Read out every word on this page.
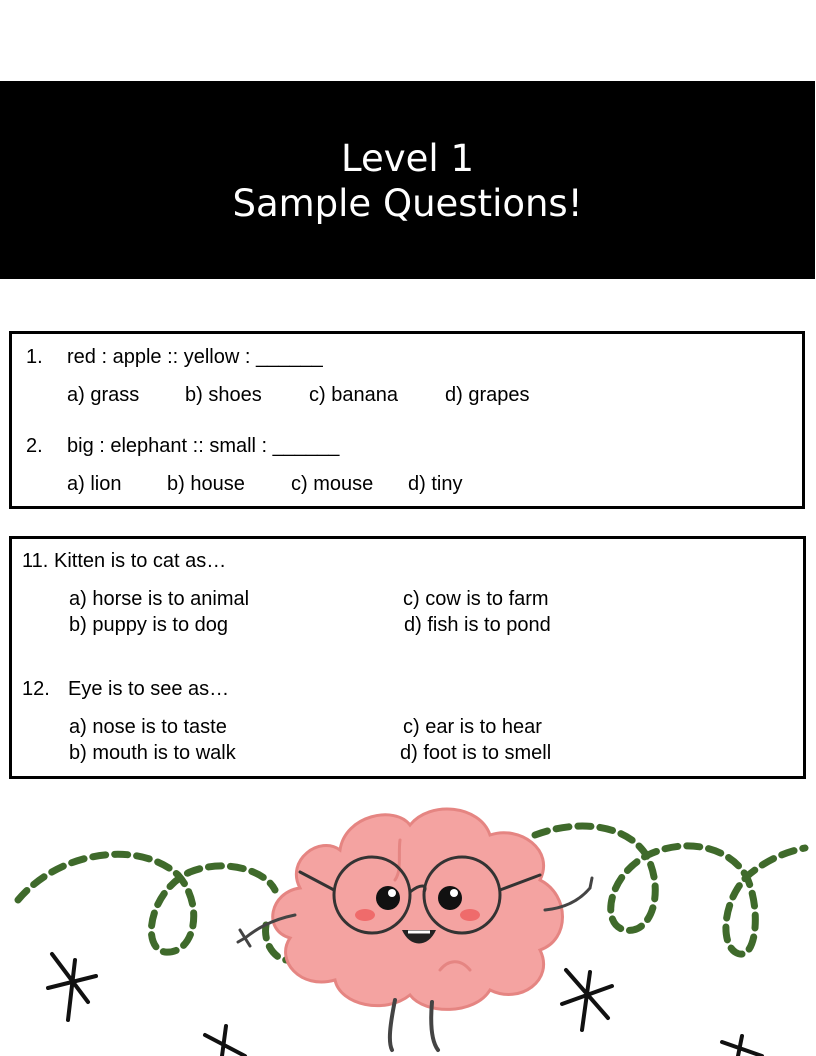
Level 1
Sample Questions!
1. red : apple :: yellow : ______
a) grass b) shoes c) banana d) grapes
2. big : elephant :: small : ______
a) lion b) house c) mouse d) tiny
11. Kitten is to cat as…
a) horse is to animal	c) cow is to farm
b) puppy is to dog	d) fish is to pond
12. Eye is to see as…
a) nose is to taste	c) ear is to hear
b) mouth is to walk	d) foot is to smell
